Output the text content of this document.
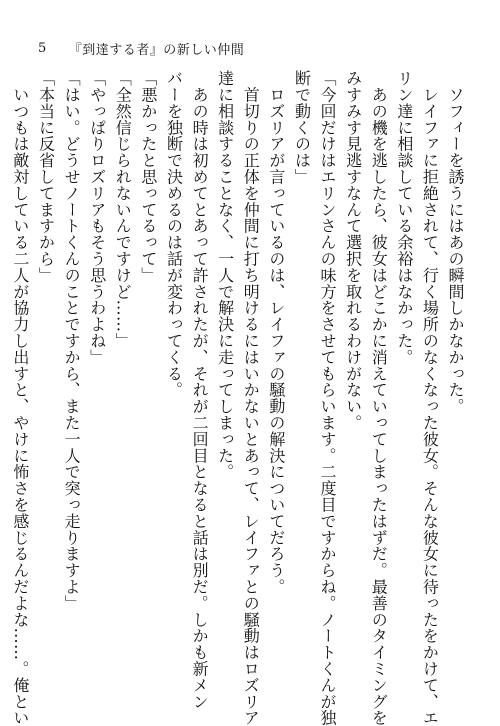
5 『到達する者』の新しい仲間
　ソフィーを誘うにはあの瞬間しかなかった。
　レイファに拒絶されて、行く場所のなくなった彼女。そんな彼女に待ったをかけて、エ
リン達に相談している余裕はなかった。
　あの機を逃したら、彼女はどこかに消えていってしまったはずだ。最善のタイミングを
みすみす見逃すなんて選択を取れるわけがない。
「今回だけはエリンさんの味方をさせてもらいます。二度目ですからね。ノートくんが独
断で動くのは」
　ロズリアが言っているのは、レイファの騒動の解決についてだろう。
　首切りの正体を仲間に打ち明けるにはいかないとあって、レイファとの騒動はロズリア
達に相談することなく、一人で解決に走ってしまった。
　あの時は初めてとあって許されたが、それが二回目となると話は別だ。しかも新メン
バーを独断で決めるのは話が変わってくる。
「悪かったと思ってるって」
「全然信じられないんですけど……」
「やっぱりロズリアもそう思うわよね」
「はい。どうせノートくんのことですから、また一人で突っ走りますよ」
「本当に反省してますから」
　いつもは敵対している二人が協力し出すと、やけに怖さを感じるんだよな……。俺とい
